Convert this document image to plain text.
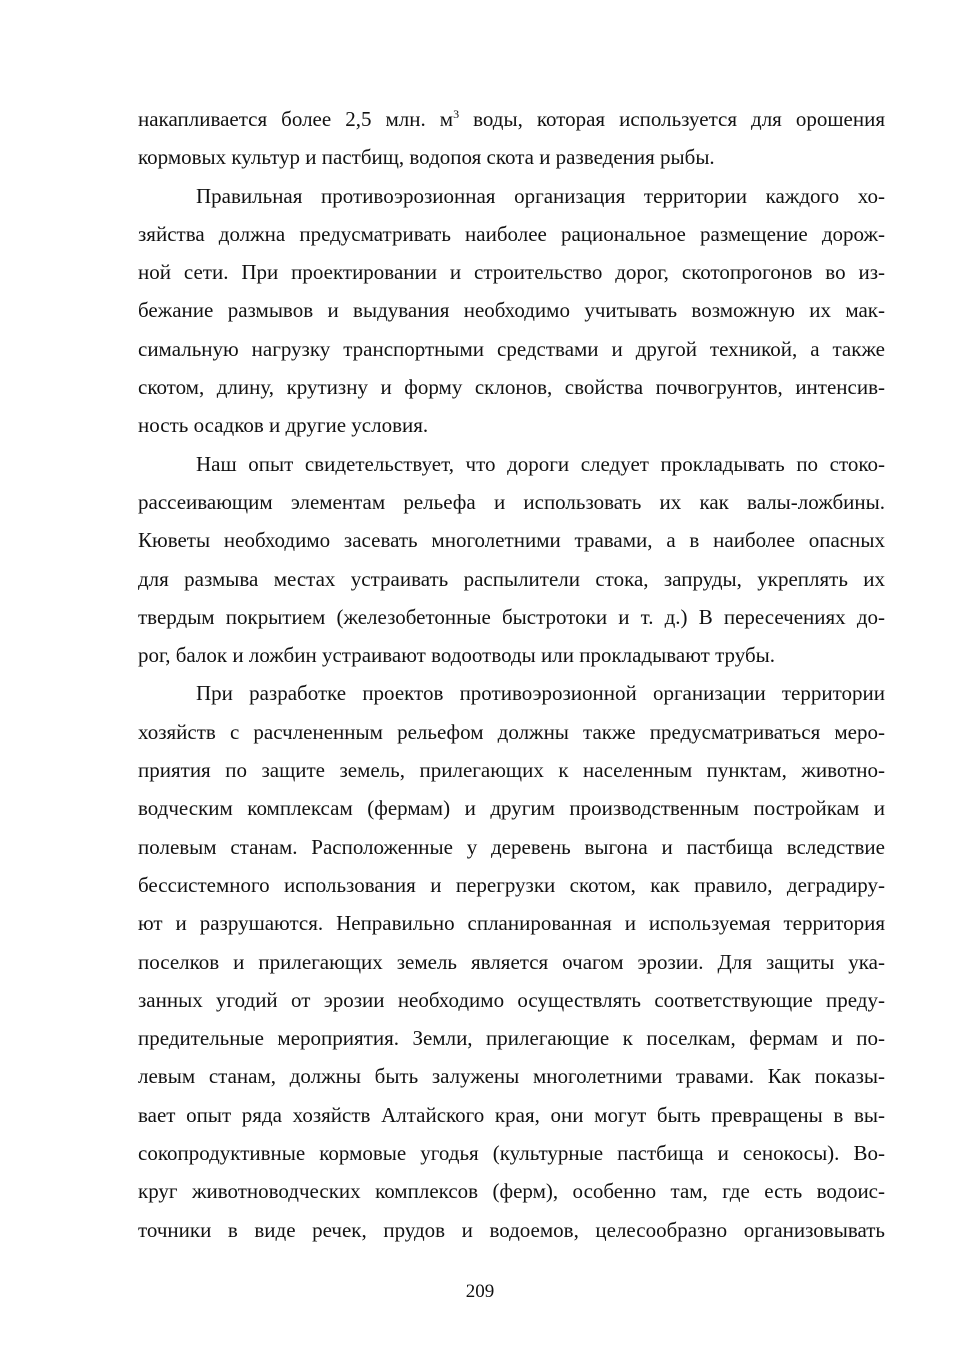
накапливается более 2,5 млн. $м^3$ воды, которая используется для орошения
кормовых культур и пастбищ, водопоя скота и разведения рыбы.
Правильная противоэрозионная организация территории каждого хо-
зяйства должна предусматривать наиболее рациональное размещение дорож-
ной сети. При проектировании и строительство дорог, скотопрогонов во из-
бежание размывов и выдувания необходимо учитывать возможную их мак-
симальную нагрузку транспортными средствами и другой техникой, а также
скотом, длину, крутизну и форму склонов, свойства почвогрунтов, интенсив-
ность осадков и другие условия.
Наш опыт свидетельствует, что дороги следует прокладывать по стоко-
рассеивающим элементам рельефа и использовать их как валы-ложбины.
Кюветы необходимо засевать многолетними травами, а в наиболее опасных
для размыва местах устраивать распылители стока, запруды, укреплять их
твердым покрытием (железобетонные быстротоки и т. д.) В пересечениях до-
рог, балок и ложбин устраивают водоотводы или прокладывают трубы.
При разработке проектов противоэрозионной организации территории
хозяйств с расчлененным рельефом должны также предусматриваться меро-
приятия по защите земель, прилегающих к населенным пунктам, животно-
водческим комплексам (фермам) и другим производственным постройкам и
полевым станам. Расположенные у деревень выгона и пастбища вследствие
бессистемного использования и перегрузки скотом, как правило, деградиру-
ют и разрушаются. Неправильно спланированная и используемая территория
поселков и прилегающих земель является очагом эрозии. Для защиты ука-
занных угодий от эрозии необходимо осуществлять соответствующие преду-
предительные мероприятия. Земли, прилегающие к поселкам, фермам и по-
левым станам, должны быть залужены многолетними травами. Как показы-
вает опыт ряда хозяйств Алтайского края, они могут быть превращены в вы-
сокопродуктивные кормовые угодья (культурные пастбища и сенокосы). Во-
круг животноводческих комплексов (ферм), особенно там, где есть водоис-
точники в виде речек, прудов и водоемов, целесообразно организовывать
209
